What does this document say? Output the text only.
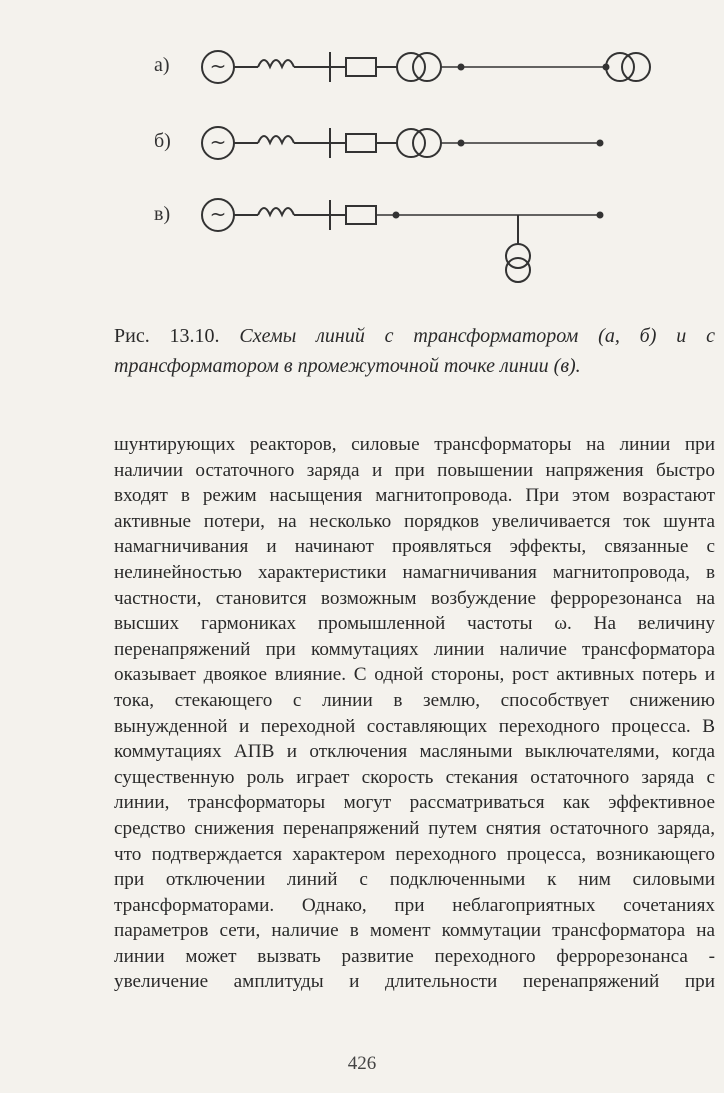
а)
б)
в)
~
~
~
Рис. 13.10. Схемы линий с трансформатором (а, б) и с трансформатором в промежуточной точке линии (в).
шунтирующих реакторов, силовые трансформаторы на линии при
наличии остаточного заряда и при повышении напряжения быстро
входят в режим насыщения магнитопровода. При этом возрастают
активные потери, на несколько порядков увеличивается ток шунта
намагничивания и начинают проявляться эффекты, связанные с
нелинейностью характеристики намагничивания магнитопровода, в
частности, становится возможным возбуждение феррорезонанса на
высших гармониках промышленной частоты ω. На величину
перенапряжений при коммутациях линии наличие трансформатора
оказывает двоякое влияние. С одной стороны, рост активных потерь и
тока, стекающего с линии в землю, способствует снижению
вынужденной и переходной составляющих переходного процесса. В
коммутациях АПВ и отключения масляными выключателями, когда
существенную роль играет скорость стекания остаточного заряда с
линии, трансформаторы могут рассматриваться как эффективное
средство снижения перенапряжений путем снятия остаточного заряда,
что подтверждается характером переходного процесса, возникающего
при отключении линий с подключенными к ним силовыми
трансформаторами. Однако, при неблагоприятных сочетаниях
параметров сети, наличие в момент коммутации трансформатора на
линии может вызвать развитие переходного феррорезонанса -
увеличение амплитуды и длительности перенапряжений при
426
